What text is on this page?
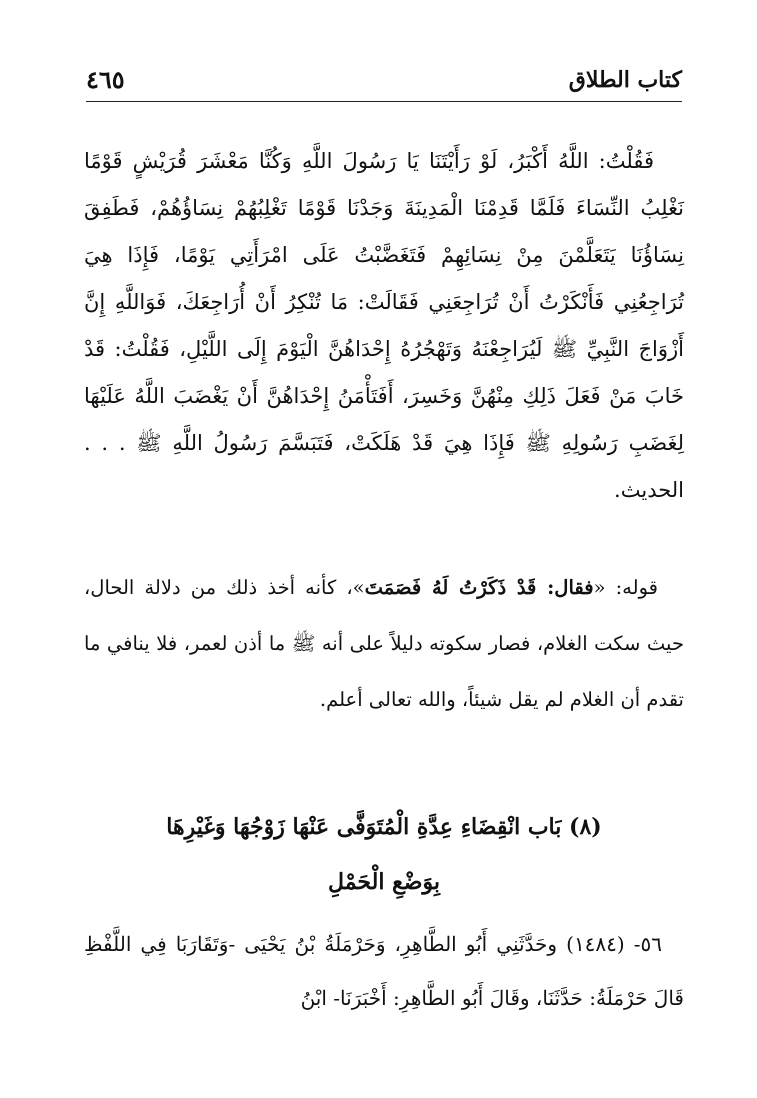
كتاب الطلاق
٤٦٥

فَقُلْتُ: اللَّهُ أَكْبَرُ، لَوْ رَأَيْتَنَا يَا رَسُولَ اللَّهِ وَكُنَّا مَعْشَرَ قُرَيْشٍ قَوْمًا نَغْلِبُ النِّسَاءَ فَلَمَّا قَدِمْنَا الْمَدِينَةَ وَجَدْنَا قَوْمًا تَغْلِبُهُمْ نِسَاؤُهُمْ، فَطَفِقَ نِسَاؤُنَا يَتَعَلَّمْنَ مِنْ نِسَائِهِمْ فَتَغَضَّبْتُ عَلَى امْرَأَتِي يَوْمًا، فَإِذَا هِيَ تُرَاجِعُنِي فَأَنْكَرْتُ أَنْ تُرَاجِعَنِي فَقَالَتْ: مَا تُنْكِرُ أَنْ أُرَاجِعَكَ، فَوَاللَّهِ إِنَّ أَزْوَاجَ النَّبِيِّ ﷺ لَيُرَاجِعْنَهُ وَتَهْجُرُهُ إِحْدَاهُنَّ الْيَوْمَ إِلَى اللَّيْلِ، فَقُلْتُ: قَدْ خَابَ مَنْ فَعَلَ ذَلِكِ مِنْهُنَّ وَخَسِرَ، أَفَتَأْمَنُ إِحْدَاهُنَّ أَنْ يَغْضَبَ اللَّهُ عَلَيْهَا لِغَضَبِ رَسُولِهِ ﷺ فَإِذَا هِيَ قَدْ هَلَكَتْ، فَتَبَسَّمَ رَسُولُ اللَّهِ ﷺ . . . الحديث.

قوله: «فقال: قَدْ ذَكَرْتُ لَهُ فَصَمَتَ»، كأنه أخذ ذلك من دلالة الحال، حيث سكت الغلام، فصار سكوته دليلاً على أنه ﷺ ما أذن لعمر، فلا ينافي ما تقدم أن الغلام لم يقل شيئاً، والله تعالى أعلم.

(٨) بَاب انْقِضَاءِ عِدَّةِ الْمُتَوَفَّى عَنْهَا زَوْجُهَا وَغَيْرِهَا
بِوَضْعِ الْحَمْلِ

٥٦- (١٤٨٤) وحَدَّثَنِي أَبُو الطَّاهِرِ، وَحَرْمَلَةُ بْنُ يَحْيَى -وَتَقَارَبَا فِي اللَّفْظِ قَالَ حَرْمَلَةُ: حَدَّثَنَا، وقَالَ أَبُو الطَّاهِرِ: أَخْبَرَنَا- ابْنُ
